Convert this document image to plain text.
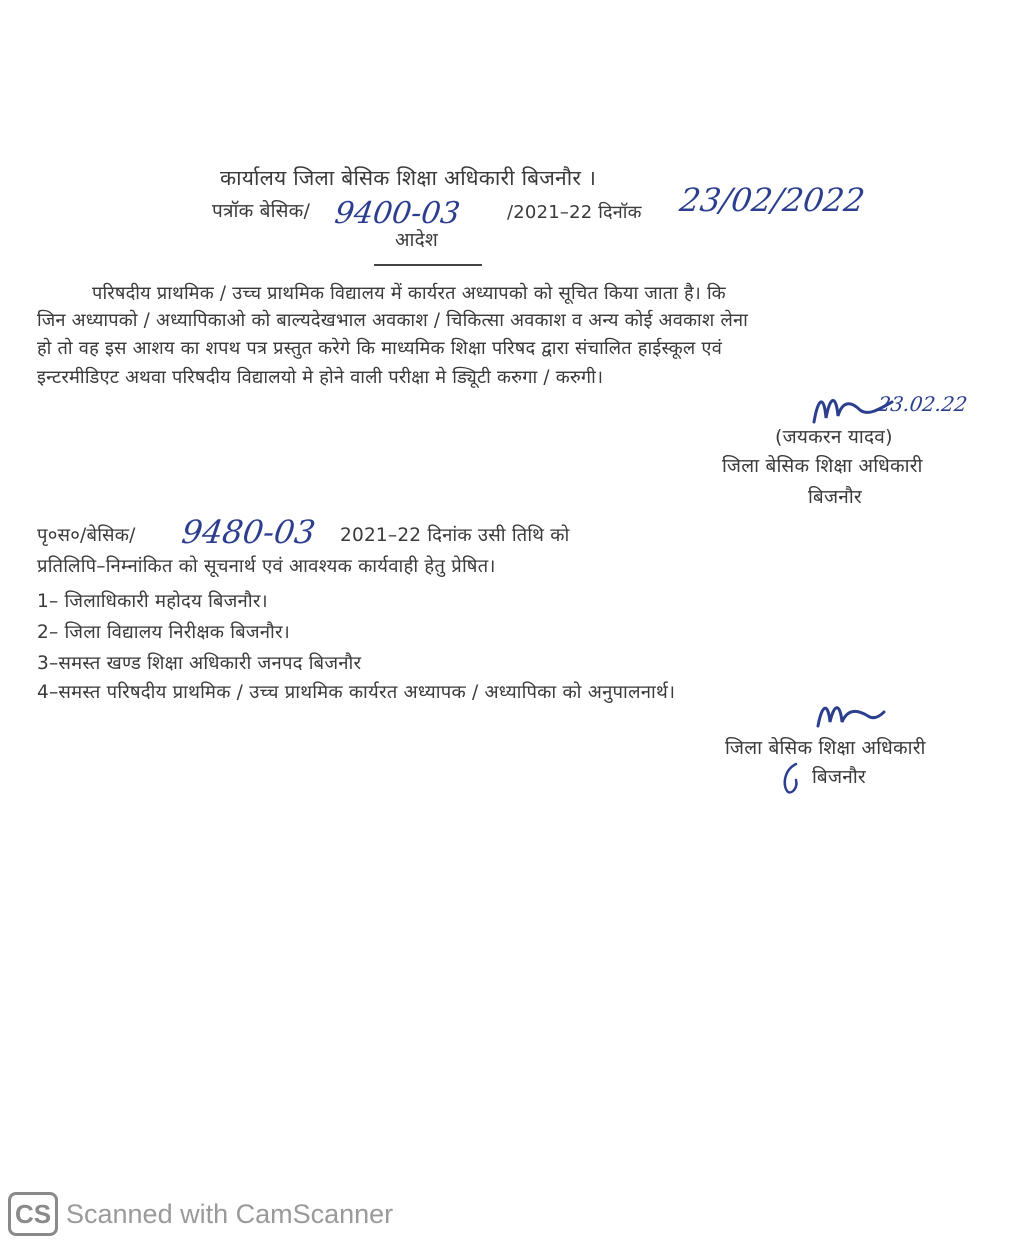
कार्यालय जिला बेसिक शिक्षा अधिकारी बिजनौर ।
पत्रॉक बेसिक/ 9400-03 /2021–22 दिनॉक 23/02/2022
आदेश
परिषदीय प्राथमिक / उच्च प्राथमिक विद्यालय में कार्यरत अध्यापको को सूचित किया जाता है। कि
जिन अध्यापको / अध्यापिकाओ को बाल्यदेखभाल अवकाश / चिकित्सा अवकाश व अन्य कोई अवकाश लेना
हो तो वह इस आशय का शपथ पत्र प्रस्तुत करेगे कि माध्यमिक शिक्षा परिषद द्वारा संचालित हाईस्कूल एवं
इन्टरमीडिएट अथवा परिषदीय विद्यालयो मे होने वाली परीक्षा मे ड्यिूटी करुगा / करुगी।
23.02.22
(जयकरन यादव)
जिला बेसिक शिक्षा अधिकारी
बिजनौर
पृ०स०/बेसिक/ 9480-03 2021–22 दिनांक उसी तिथि को
प्रतिलिपि–निम्नांकित को सूचनार्थ एवं आवश्यक कार्यवाही हेतु प्रेषित।
1– जिलाधिकारी महोदय बिजनौर।
2– जिला विद्यालय निरीक्षक बिजनौर।
3–समस्त खण्ड शिक्षा अधिकारी जनपद बिजनौर
4–समस्त परिषदीय प्राथमिक / उच्च प्राथमिक कार्यरत अध्यापक / अध्यापिका को अनुपालनार्थ।
जिला बेसिक शिक्षा अधिकारी
बिजनौर
CS Scanned with CamScanner
